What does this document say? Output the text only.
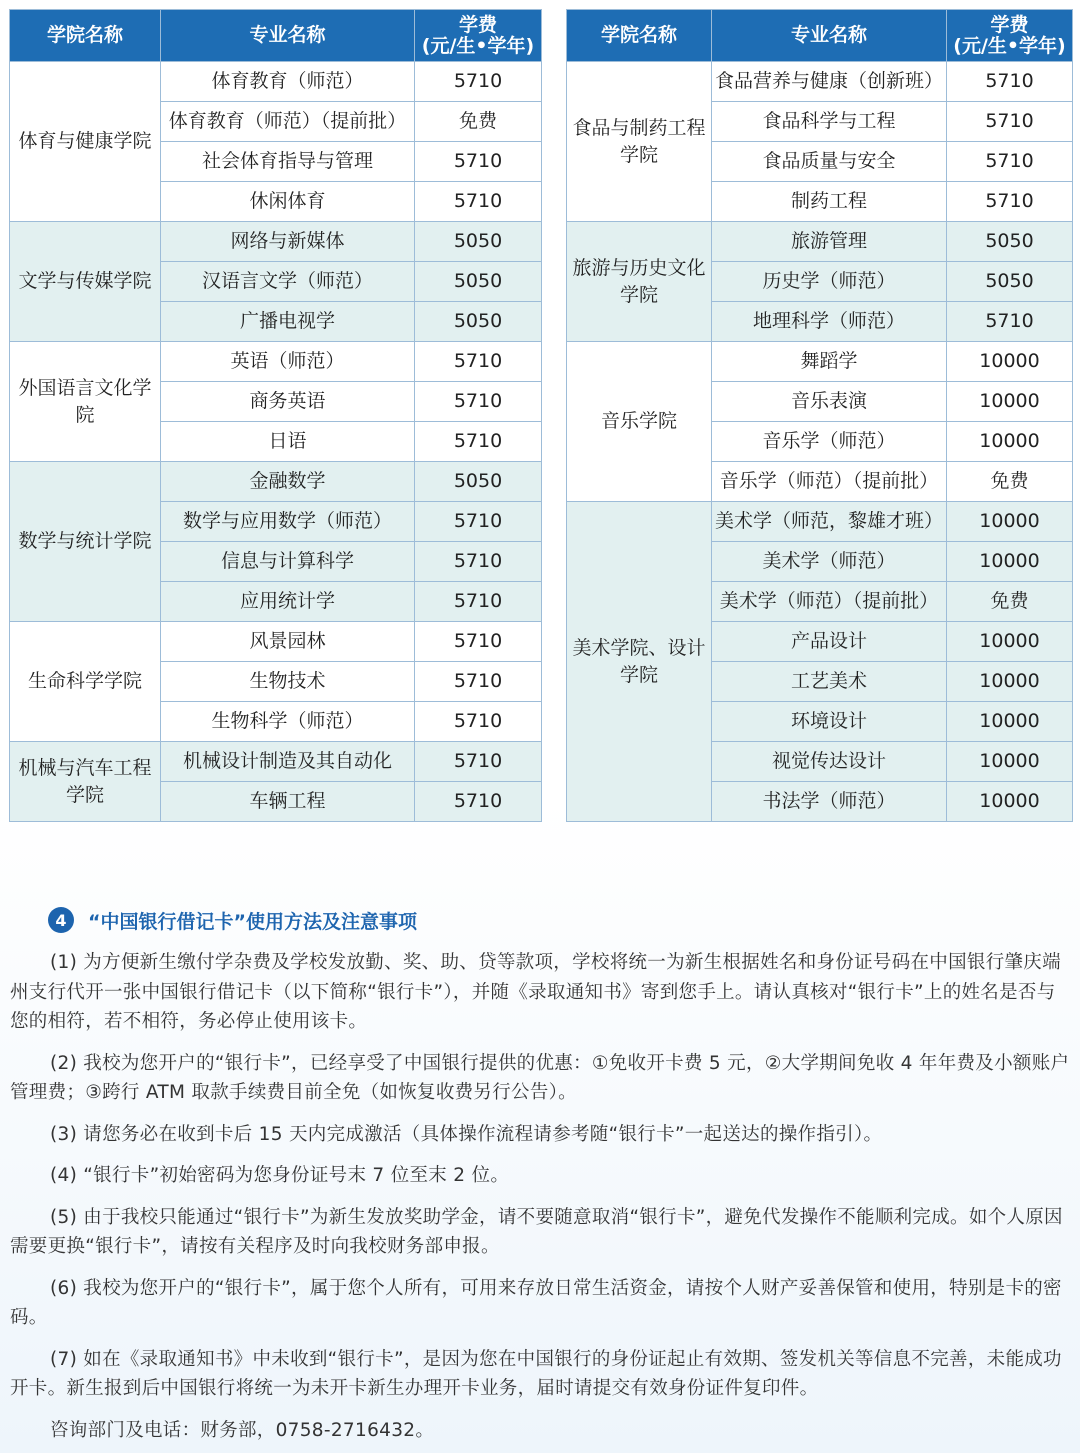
学院名称	专业名称	学费
(元/生•学年)

体育与健康学院	体育教育（师范）	5710
	体育教育（师范）（提前批）	免费
	社会体育指导与管理	5710
	休闲体育	5710
文学与传媒学院	网络与新媒体	5050
	汉语言文学（师范）	5050
	广播电视学	5050
外国语言文化学院	英语（师范）	5710
	商务英语	5710
	日语	5710
数学与统计学院	金融数学	5050
	数学与应用数学（师范）	5710
	信息与计算科学	5710
	应用统计学	5710
生命科学学院	风景园林	5710
	生物技术	5710
	生物科学（师范）	5710
机械与汽车工程学院	机械设计制造及其自动化	5710
	车辆工程	5710
学院名称	专业名称	学费
(元/生•学年)

食品与制药工程学院	食品营养与健康（创新班）	5710
	食品科学与工程	5710
	食品质量与安全	5710
	制药工程	5710
旅游与历史文化学院	旅游管理	5050
	历史学（师范）	5050
	地理科学（师范）	5710
音乐学院	舞蹈学	10000
	音乐表演	10000
	音乐学（师范）	10000
	音乐学（师范）（提前批）	免费
美术学院、设计学院	美术学（师范，黎雄才班）	10000
	美术学（师范）	10000
	美术学（师范）（提前批）	免费
	产品设计	10000
	工艺美术	10000
	环境设计	10000
	视觉传达设计	10000
	书法学（师范）	10000
4	“中国银行借记卡”使用方法及注意事项

(1) 为方便新生缴付学杂费及学校发放勤、奖、助、贷等款项，学校将统一为新生根据姓名和身份证号码在中国银行肇庆端州支行代开一张中国银行借记卡（以下简称“银行卡”），并随《录取通知书》寄到您手上。请认真核对“银行卡”上的姓名是否与您的相符，若不相符，务必停止使用该卡。

(2) 我校为您开户的“银行卡”，已经享受了中国银行提供的优惠：①免收开卡费 5 元，②大学期间免收 4 年年费及小额账户管理费；③跨行 ATM 取款手续费目前全免（如恢复收费另行公告）。

(3) 请您务必在收到卡后 15 天内完成激活（具体操作流程请参考随“银行卡”一起送达的操作指引）。

(4) “银行卡”初始密码为您身份证号末 7 位至末 2 位。

(5) 由于我校只能通过“银行卡”为新生发放奖助学金，请不要随意取消“银行卡”，避免代发操作不能顺利完成。如个人原因需要更换“银行卡”，请按有关程序及时向我校财务部申报。

(6) 我校为您开户的“银行卡”，属于您个人所有，可用来存放日常生活资金，请按个人财产妥善保管和使用，特别是卡的密码。

(7) 如在《录取通知书》中未收到“银行卡”，是因为您在中国银行的身份证起止有效期、签发机关等信息不完善，未能成功开卡。新生报到后中国银行将统一为未开卡新生办理开卡业务，届时请提交有效身份证件复印件。

咨询部门及电话：财务部，0758-2716432。
